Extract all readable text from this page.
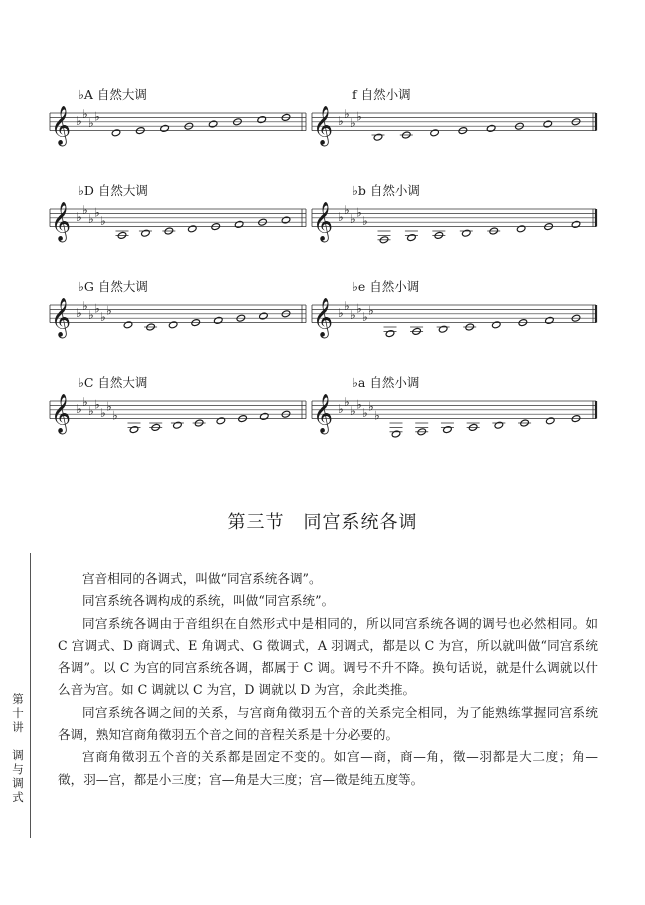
♭A 自然大调
𝄞 ♭ ♭
♭ ♭
f 自然小调
𝄞 ♭ ♭
♭ ♭
♭D 自然大调
𝄞 ♭ ♭
♭ ♭
♭
♭b 自然小调
𝄞 ♭ ♭
♭ ♭
♭
♭G 自然大调
𝄞 ♭ ♭
♭ ♭
♭ ♭
♭e 自然小调
𝄞 ♭ ♭
♭ ♭
♭ ♭
♭C 自然大调
𝄞 ♭ ♭
♭ ♭
♭ ♭
♭
♭a 自然小调
𝄞 ♭ ♭
♭ ♭
♭ ♭
♭
第三节　同宫系统各调

宫音相同的各调式，叫做“同宫系统各调”。

同宫系统各调构成的系统，叫做“同宫系统”。

同宫系统各调由于音组织在自然形式中是相同的，所以同宫系统各调的调号也必然相同。如 C 宫调式、D 商调式、E 角调式、G 徵调式，A 羽调式，都是以 C 为宫，所以就叫做“同宫系统各调”。以 C 为宫的同宫系统各调，都属于 C 调。调号不升不降。换句话说，就是什么调就以什么音为宫。如 C 调就以 C 为宫，D 调就以 D 为宫，余此类推。

同宫系统各调之间的关系，与宫商角徵羽五个音的关系完全相同，为了能熟练掌握同宫系统各调，熟知宫商角徵羽五个音之间的音程关系是十分必要的。

宫商角徵羽五个音的关系都是固定不变的。如宫—商，商—角，徵—羽都是大二度；角—徵，羽—宫，都是小三度；宫—角是大三度；宫—徵是纯五度等。

第
十
讲

调
与
调
式
